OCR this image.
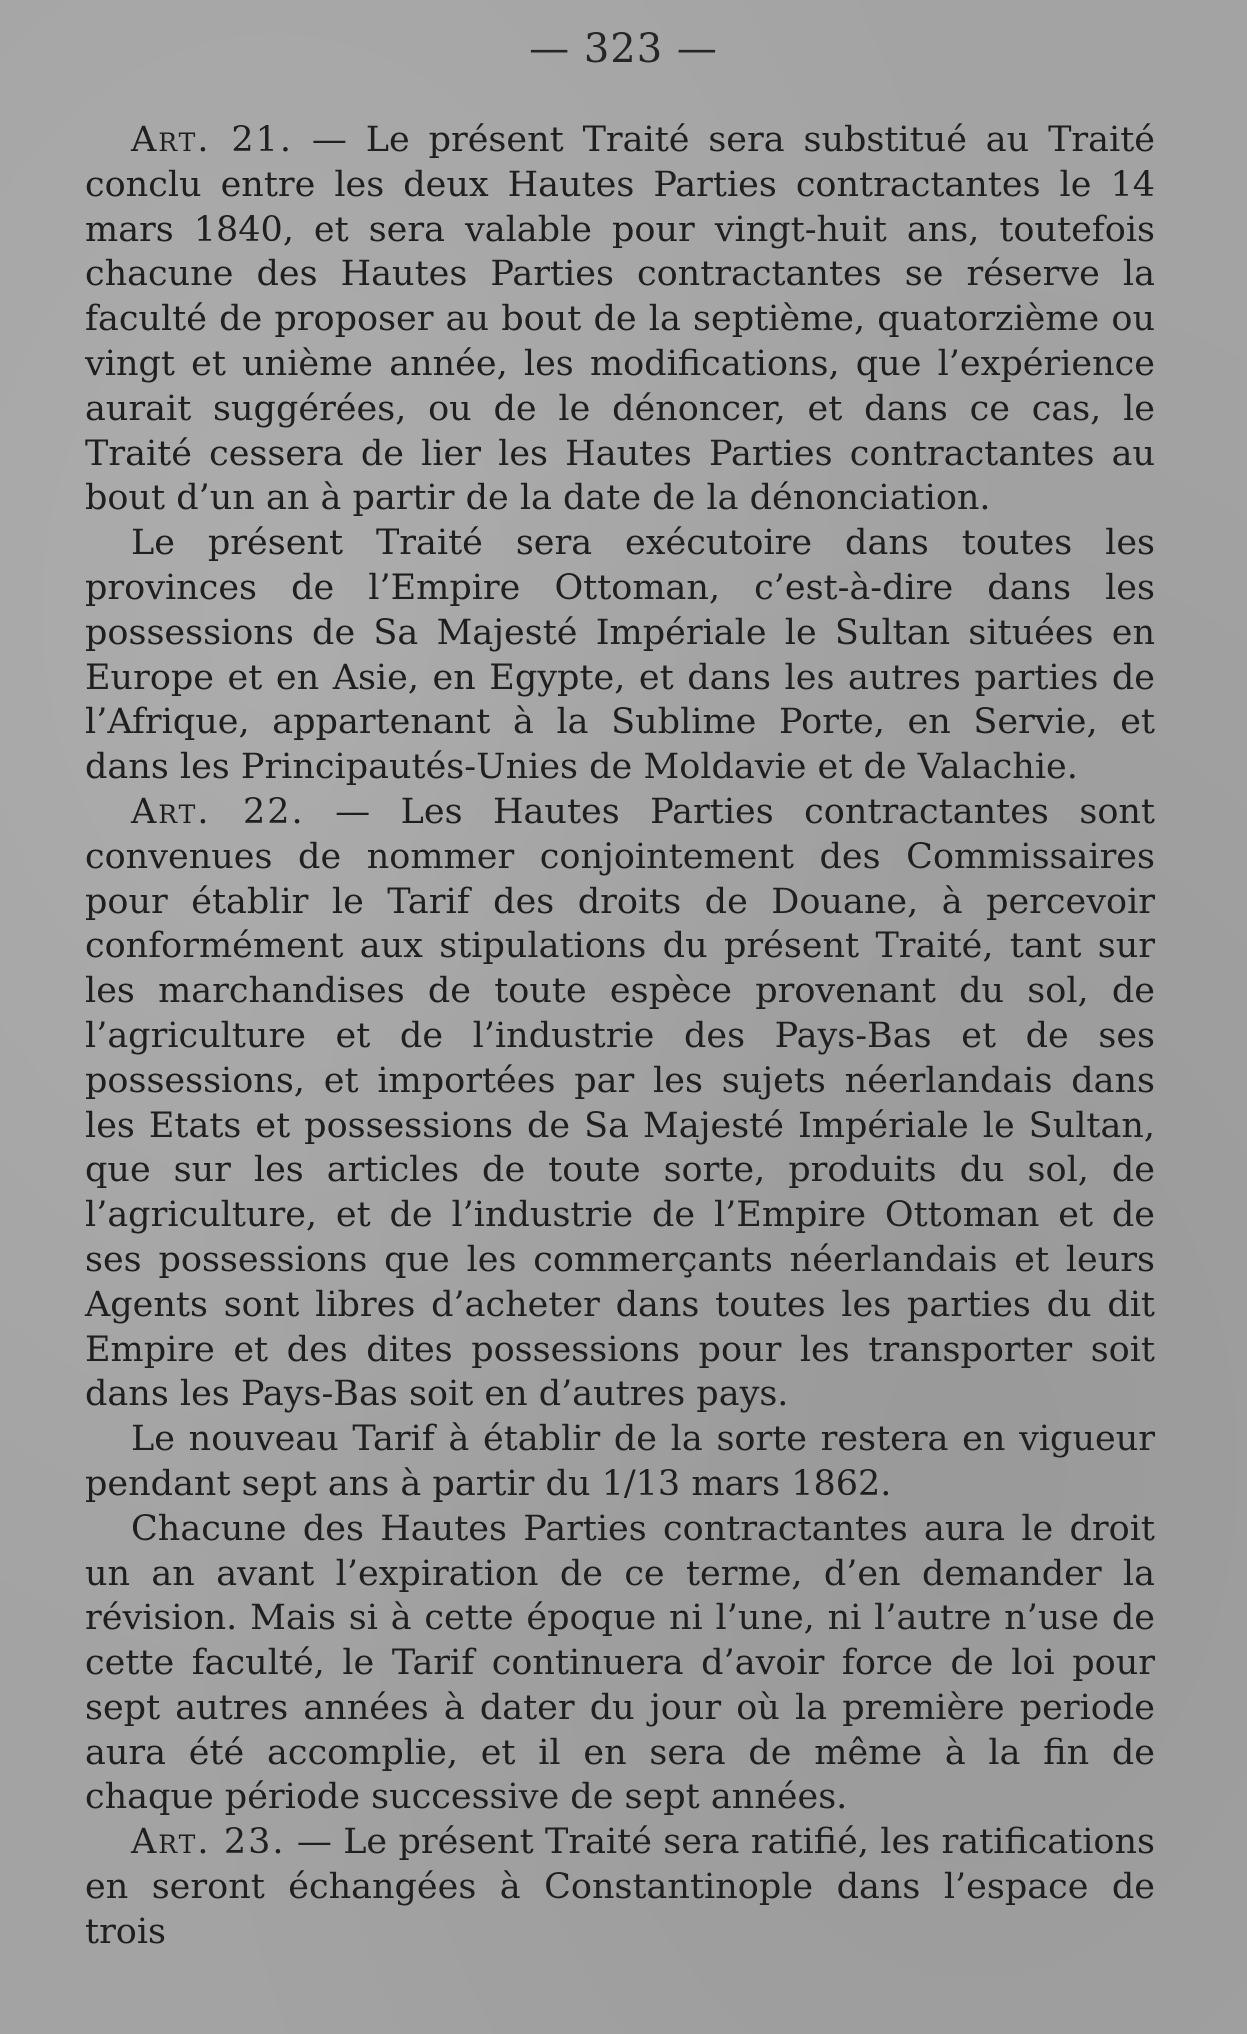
— 323 —

Art. 21. — Le présent Traité sera substitué au Traité conclu entre les deux Hautes Parties contractantes le 14 mars 1840, et sera valable pour vingt-huit ans, toutefois chacune des Hautes Parties contractantes se réserve la faculté de proposer au bout de la septième, quatorzième ou vingt et unième année, les modifications, que l’expérience aurait suggérées, ou de le dénoncer, et dans ce cas, le Traité cessera de lier les Hautes Parties contractantes au bout d’un an à partir de la date de la dénonciation.

Le présent Traité sera exécutoire dans toutes les provinces de l’Empire Ottoman, c’est-à-dire dans les possessions de Sa Majesté Impériale le Sultan situées en Europe et en Asie, en Egypte, et dans les autres parties de l’Afrique, appartenant à la Sublime Porte, en Servie, et dans les Principautés-Unies de Moldavie et de Valachie.

Art. 22. — Les Hautes Parties contractantes sont convenues de nommer conjointement des Commissaires pour établir le Tarif des droits de Douane, à percevoir conformément aux stipulations du présent Traité, tant sur les marchandises de toute espèce provenant du sol, de l’agriculture et de l’industrie des Pays-Bas et de ses possessions, et importées par les sujets néerlandais dans les Etats et possessions de Sa Majesté Impériale le Sultan, que sur les articles de toute sorte, produits du sol, de l’agriculture, et de l’industrie de l’Empire Ottoman et de ses possessions que les commerçants néerlandais et leurs Agents sont libres d’acheter dans toutes les parties du dit Empire et des dites possessions pour les transporter soit dans les Pays-Bas soit en d’autres pays.

Le nouveau Tarif à établir de la sorte restera en vigueur pendant sept ans à partir du 1/13 mars 1862.

Chacune des Hautes Parties contractantes aura le droit un an avant l’expiration de ce terme, d’en demander la révision. Mais si à cette époque ni l’une, ni l’autre n’use de cette faculté, le Tarif continuera d’avoir force de loi pour sept autres années à dater du jour où la première periode aura été accomplie, et il en sera de même à la fin de chaque période successive de sept années.

Art. 23. — Le présent Traité sera ratifié, les ratifications en seront échangées à Constantinople dans l’espace de trois
